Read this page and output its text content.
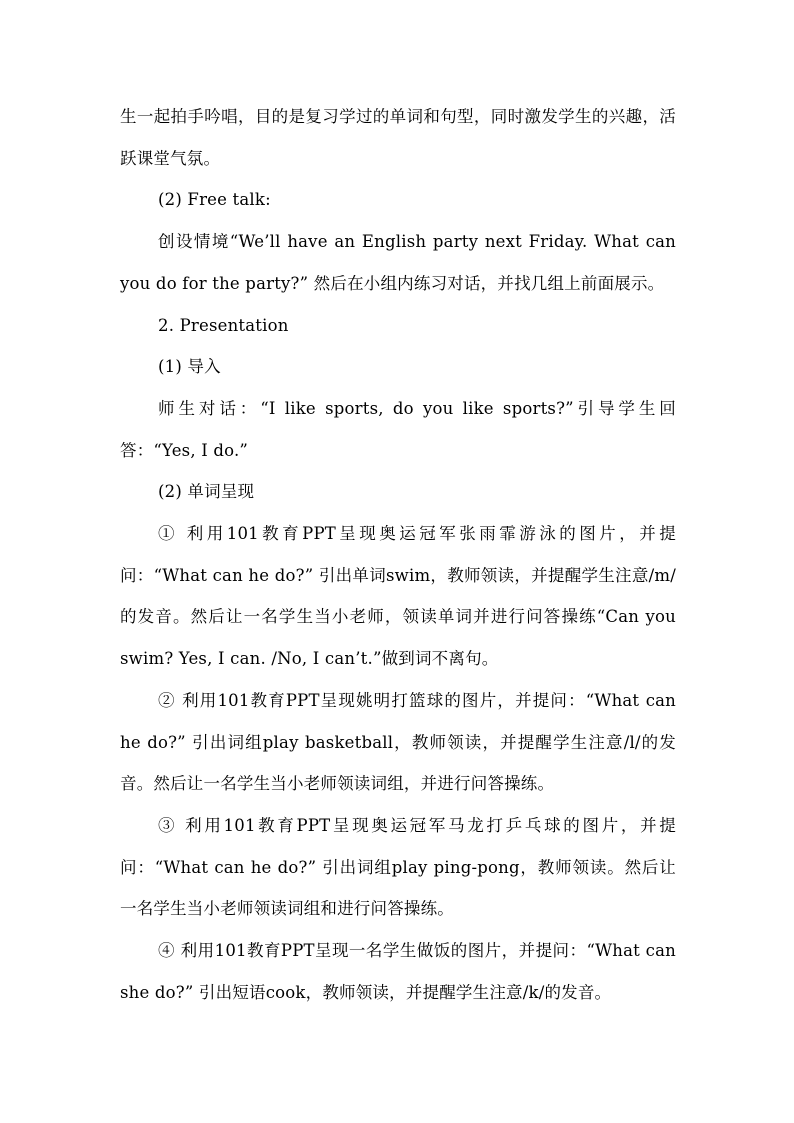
生一起拍手吟唱，目的是复习学过的单词和句型，同时激发学生的兴趣，活跃课堂气氛。

(2) Free talk:

创设情境“We’ll have an English party next Friday. What can you do for the party?” 然后在小组内练习对话，并找几组上前面展示。

2. Presentation

(1) 导入

师生对话：“I like sports, do you like sports?”引导学生回答：“Yes, I do.”

(2) 单词呈现

① 利用101教育PPT呈现奥运冠军张雨霏游泳的图片，并提问：“What can he do?” 引出单词swim，教师领读，并提醒学生注意/m/的发音。然后让一名学生当小老师，领读单词并进行问答操练“Can you swim? Yes, I can. /No, I can’t.”做到词不离句。

② 利用101教育PPT呈现姚明打篮球的图片，并提问：“What can he do?” 引出词组play basketball，教师领读，并提醒学生注意/l/的发音。然后让一名学生当小老师领读词组，并进行问答操练。

③ 利用101教育PPT呈现奥运冠军马龙打乒乓球的图片，并提问：“What can he do?” 引出词组play ping-pong，教师领读。然后让一名学生当小老师领读词组和进行问答操练。

④ 利用101教育PPT呈现一名学生做饭的图片，并提问：“What can she do?” 引出短语cook，教师领读，并提醒学生注意/k/的发音。
